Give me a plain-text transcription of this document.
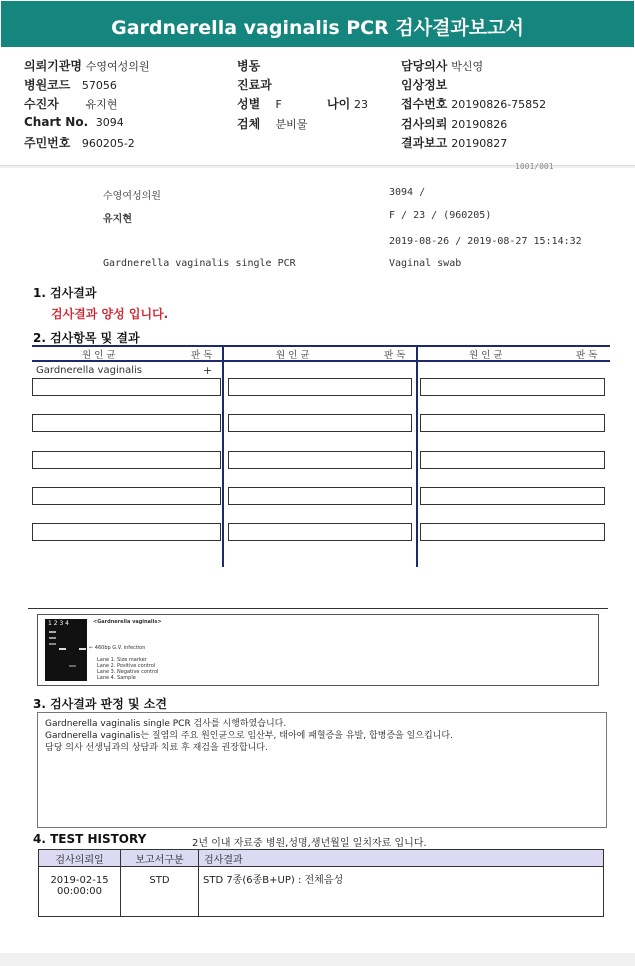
Gardnerella vaginalis PCR 검사결과보고서
의뢰기관명 수영여성의원	병동	담당의사 박신영
병원코드 57056	진료과	임상정보
수진자 유지현	성별 F	나이 23	접수번호 20190826-75852
Chart No. 3094	검체 분비물	검사의뢰 20190826
주민번호 960205-2	결과보고 20190827
1001/001
수영여성의원	3094 /
유지현	F / 23 / (960205)
2019-08-26 / 2019-08-27 15:14:32
Gardnerella vaginalis single PCR	Vaginal swab
1. 검사결과
검사결과 양성 입니다.
2. 검사항목 및 결과
원 인 균	판 독	원 인 균	판 독	원 인 균	판 독
Gardnerella vaginalis	+
1 2 3 4	<Gardnerella vaginalis>
← 460bp G.V. infection
Lane 1. Size marker
Lane 2. Positive control
Lane 3. Negative control
Lane 4. Sample
3. 검사결과 판정 및 소견
Gardnerella vaginalis single PCR 검사를 시행하였습니다.
Gardnerella vaginalis는 질염의 주요 원인균으로 임산부, 태아에 패혈증을 유발, 합병증을 일으킵니다.
담당 의사 선생님과의 상담과 치료 후 재검을 권장합니다.
4. TEST HISTORY	2년 이내 자료중 병원,성명,생년월일 일치자료 입니다.
검사의뢰일	보고서구분	검사결과

2019-02-15
00:00:00	STD	STD 7종(6종B+UP) : 전체음성
